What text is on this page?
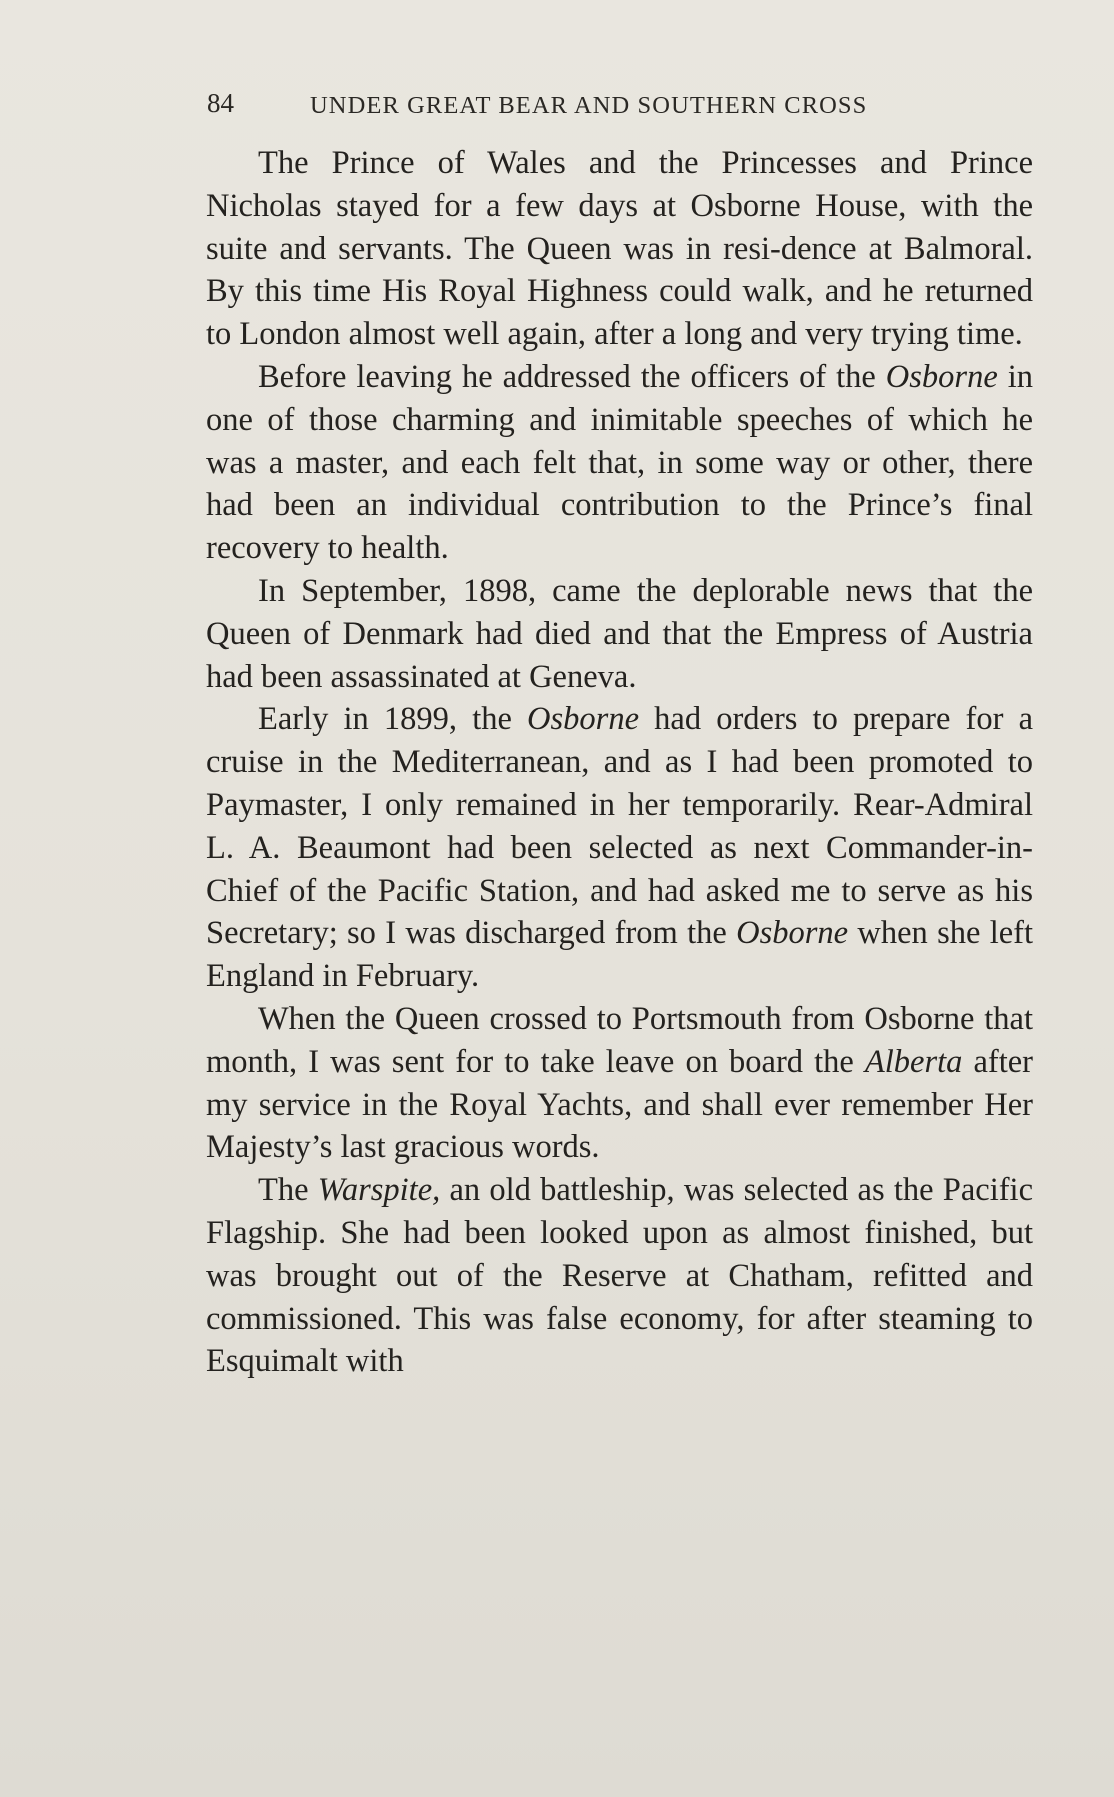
84	UNDER GREAT BEAR AND SOUTHERN CROSS

The Prince of Wales and the Princesses and Prince Nicholas stayed for a few days at Osborne House, with the suite and servants. The Queen was in resi-dence at Balmoral. By this time His Royal Highness could walk, and he returned to London almost well again, after a long and very trying time.

Before leaving he addressed the officers of the Osborne in one of those charming and inimitable speeches of which he was a master, and each felt that, in some way or other, there had been an individual contribution to the Prince’s final recovery to health.

In September, 1898, came the deplorable news that the Queen of Denmark had died and that the Empress of Austria had been assassinated at Geneva.

Early in 1899, the Osborne had orders to prepare for a cruise in the Mediterranean, and as I had been promoted to Paymaster, I only remained in her temporarily. Rear-Admiral L. A. Beaumont had been selected as next Commander-in-Chief of the Pacific Station, and had asked me to serve as his Secretary; so I was discharged from the Osborne when she left England in February.

When the Queen crossed to Portsmouth from Osborne that month, I was sent for to take leave on board the Alberta after my service in the Royal Yachts, and shall ever remember Her Majesty’s last gracious words.

The Warspite, an old battleship, was selected as the Pacific Flagship. She had been looked upon as almost finished, but was brought out of the Reserve at Chatham, refitted and commissioned. This was false economy, for after steaming to Esquimalt with
